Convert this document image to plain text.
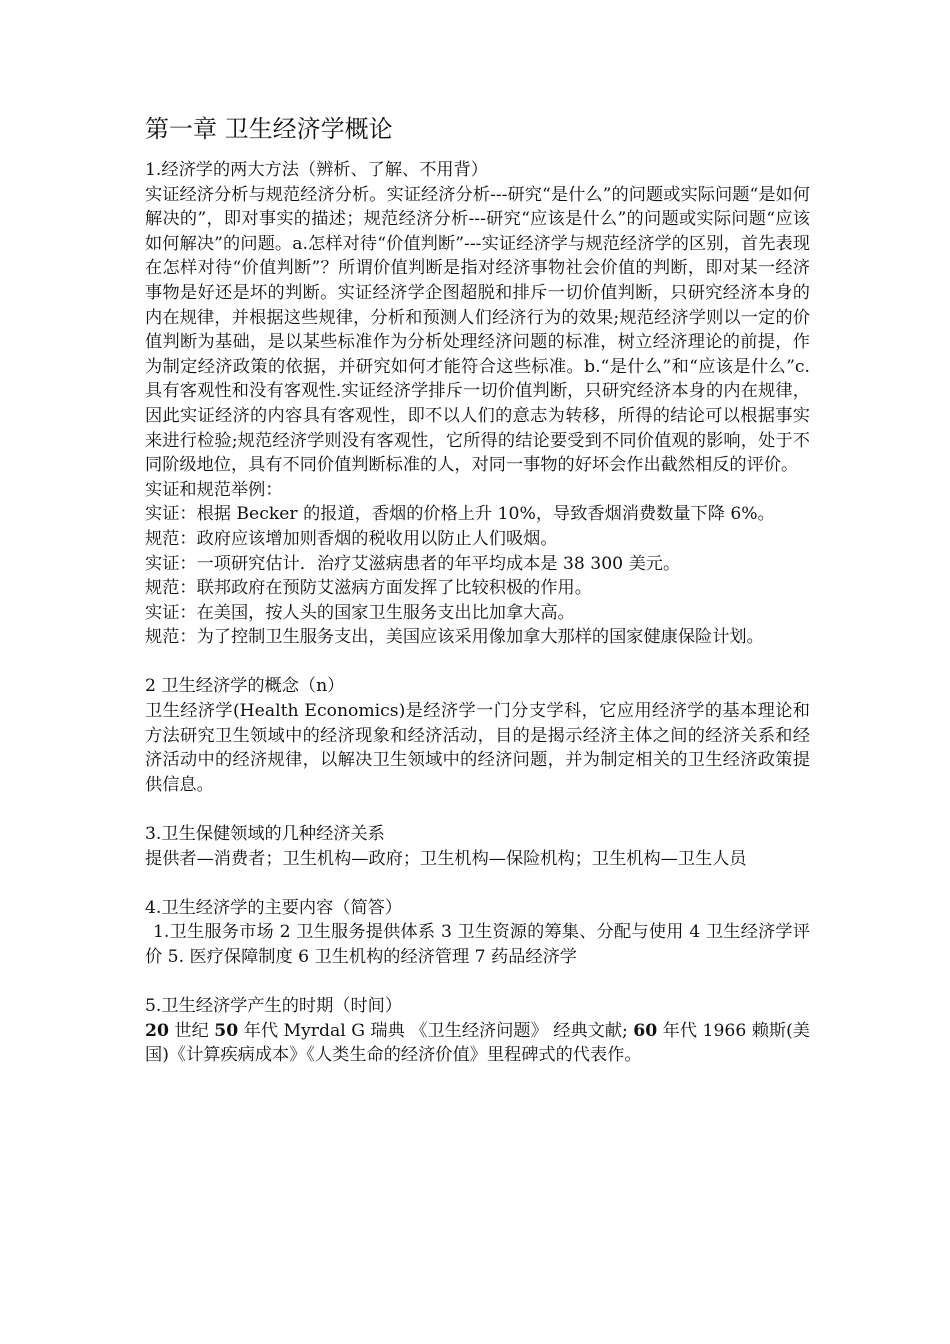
第一章 卫生经济学概论

1.经济学的两大方法（辨析、了解、不用背）

实证经济分析与规范经济分析。实证经济分析---研究“是什么”的问题或实际问题“是如何解决的”，即对事实的描述；规范经济分析---研究“应该是什么”的问题或实际问题“应该如何解决”的问题。a.怎样对待“价值判断”---实证经济学与规范经济学的区别，首先表现在怎样对待“价值判断”？所谓价值判断是指对经济事物社会价值的判断，即对某一经济事物是好还是坏的判断。实证经济学企图超脱和排斥一切价值判断，只研究经济本身的内在规律，并根据这些规律，分析和预测人们经济行为的效果;规范经济学则以一定的价值判断为基础，是以某些标准作为分析处理经济问题的标准，树立经济理论的前提，作为制定经济政策的依据，并研究如何才能符合这些标准。b.“是什么”和“应该是什么”c.具有客观性和没有客观性.实证经济学排斥一切价值判断，只研究经济本身的内在规律，因此实证经济的内容具有客观性，即不以人们的意志为转移，所得的结论可以根据事实来进行检验;规范经济学则没有客观性，它所得的结论要受到不同价值观的影响，处于不同阶级地位，具有不同价值判断标准的人，对同一事物的好坏会作出截然相反的评价。

实证和规范举例：

实证：根据 Becker 的报道，香烟的价格上升 10%，导致香烟消费数量下降 6%。

规范：政府应该增加则香烟的税收用以防止人们吸烟。

实证：一项研究估计．治疗艾滋病患者的年平均成本是 38 300 美元。

规范：联邦政府在预防艾滋病方面发挥了比较积极的作用。

实证：在美国，按人头的国家卫生服务支出比加拿大高。

规范：为了控制卫生服务支出，美国应该采用像加拿大那样的国家健康保险计划。

2 卫生经济学的概念（n）

卫生经济学(Health Economics)是经济学一门分支学科，它应用经济学的基本理论和方法研究卫生领域中的经济现象和经济活动，目的是揭示经济主体之间的经济关系和经济活动中的经济规律，以解决卫生领域中的经济问题，并为制定相关的卫生经济政策提供信息。

3.卫生保健领域的几种经济关系

提供者—消费者；卫生机构—政府；卫生机构—保险机构；卫生机构—卫生人员

4.卫生经济学的主要内容（简答）

1.卫生服务市场 2 卫生服务提供体系 3 卫生资源的筹集、分配与使用 4 卫生经济学评价 5. 医疗保障制度 6 卫生机构的经济管理 7 药品经济学

5.卫生经济学产生的时期（时间）

20 世纪 50 年代 Myrdal G 瑞典 《卫生经济问题》 经典文献; 60 年代 1966 赖斯(美国)《计算疾病成本》《人类生命的经济价值》里程碑式的代表作。
